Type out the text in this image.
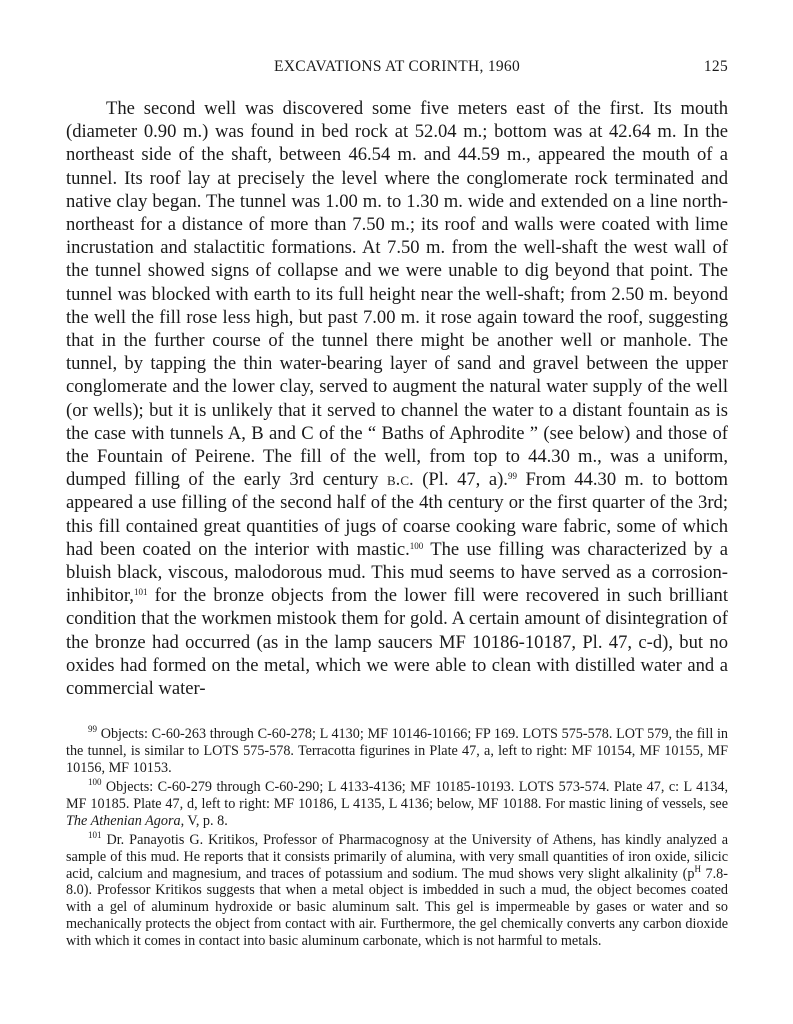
EXCAVATIONS AT CORINTH, 1960	125

The second well was discovered some five meters east of the first. Its mouth (diameter 0.90 m.) was found in bed rock at 52.04 m.; bottom was at 42.64 m. In the northeast side of the shaft, between 46.54 m. and 44.59 m., appeared the mouth of a tunnel. Its roof lay at precisely the level where the conglomerate rock terminated and native clay began. The tunnel was 1.00 m. to 1.30 m. wide and extended on a line north-northeast for a distance of more than 7.50 m.; its roof and walls were coated with lime incrustation and stalactitic formations. At 7.50 m. from the well-shaft the west wall of the tunnel showed signs of collapse and we were unable to dig beyond that point. The tunnel was blocked with earth to its full height near the well-shaft; from 2.50 m. beyond the well the fill rose less high, but past 7.00 m. it rose again toward the roof, suggesting that in the further course of the tunnel there might be another well or manhole. The tunnel, by tapping the thin water-bearing layer of sand and gravel between the upper conglomerate and the lower clay, served to augment the natural water supply of the well (or wells); but it is unlikely that it served to channel the water to a distant fountain as is the case with tunnels A, B and C of the “ Baths of Aphrodite ” (see below) and those of the Fountain of Peirene. The fill of the well, from top to 44.30 m., was a uniform, dumped filling of the early 3rd century b.c. (Pl. 47, a).$^{99}$ From 44.30 m. to bottom appeared a use filling of the second half of the 4th century or the first quarter of the 3rd; this fill contained great quantities of jugs of coarse cooking ware fabric, some of which had been coated on the interior with mastic.$^{100}$ The use filling was characterized by a bluish black, viscous, malodorous mud. This mud seems to have served as a corrosion-inhibitor,$^{101}$ for the bronze objects from the lower fill were recovered in such brilliant condition that the workmen mistook them for gold. A certain amount of disintegration of the bronze had occurred (as in the lamp saucers MF 10186-10187, Pl. 47, c-d), but no oxides had formed on the metal, which we were able to clean with distilled water and a commercial water-

$^{99}$ Objects: C-60-263 through C-60-278; L 4130; MF 10146-10166; FP 169. LOTS 575-578. LOT 579, the fill in the tunnel, is similar to LOTS 575-578. Terracotta figurines in Plate 47, a, left to right: MF 10154, MF 10155, MF 10156, MF 10153.

$^{100}$ Objects: C-60-279 through C-60-290; L 4133-4136; MF 10185-10193. LOTS 573-574. Plate 47, c: L 4134, MF 10185. Plate 47, d, left to right: MF 10186, L 4135, L 4136; below, MF 10188. For mastic lining of vessels, see The Athenian Agora, V, p. 8.

$^{101}$ Dr. Panayotis G. Kritikos, Professor of Pharmacognosy at the University of Athens, has kindly analyzed a sample of this mud. He reports that it consists primarily of alumina, with very small quantities of iron oxide, silicic acid, calcium and magnesium, and traces of potassium and sodium. The mud shows very slight alkalinity ($p^H$ 7.8-8.0). Professor Kritikos suggests that when a metal object is imbedded in such a mud, the object becomes coated with a gel of aluminum hydroxide or basic aluminum salt. This gel is impermeable by gases or water and so mechanically protects the object from contact with air. Furthermore, the gel chemically converts any carbon dioxide with which it comes in contact into basic aluminum carbonate, which is not harmful to metals.
